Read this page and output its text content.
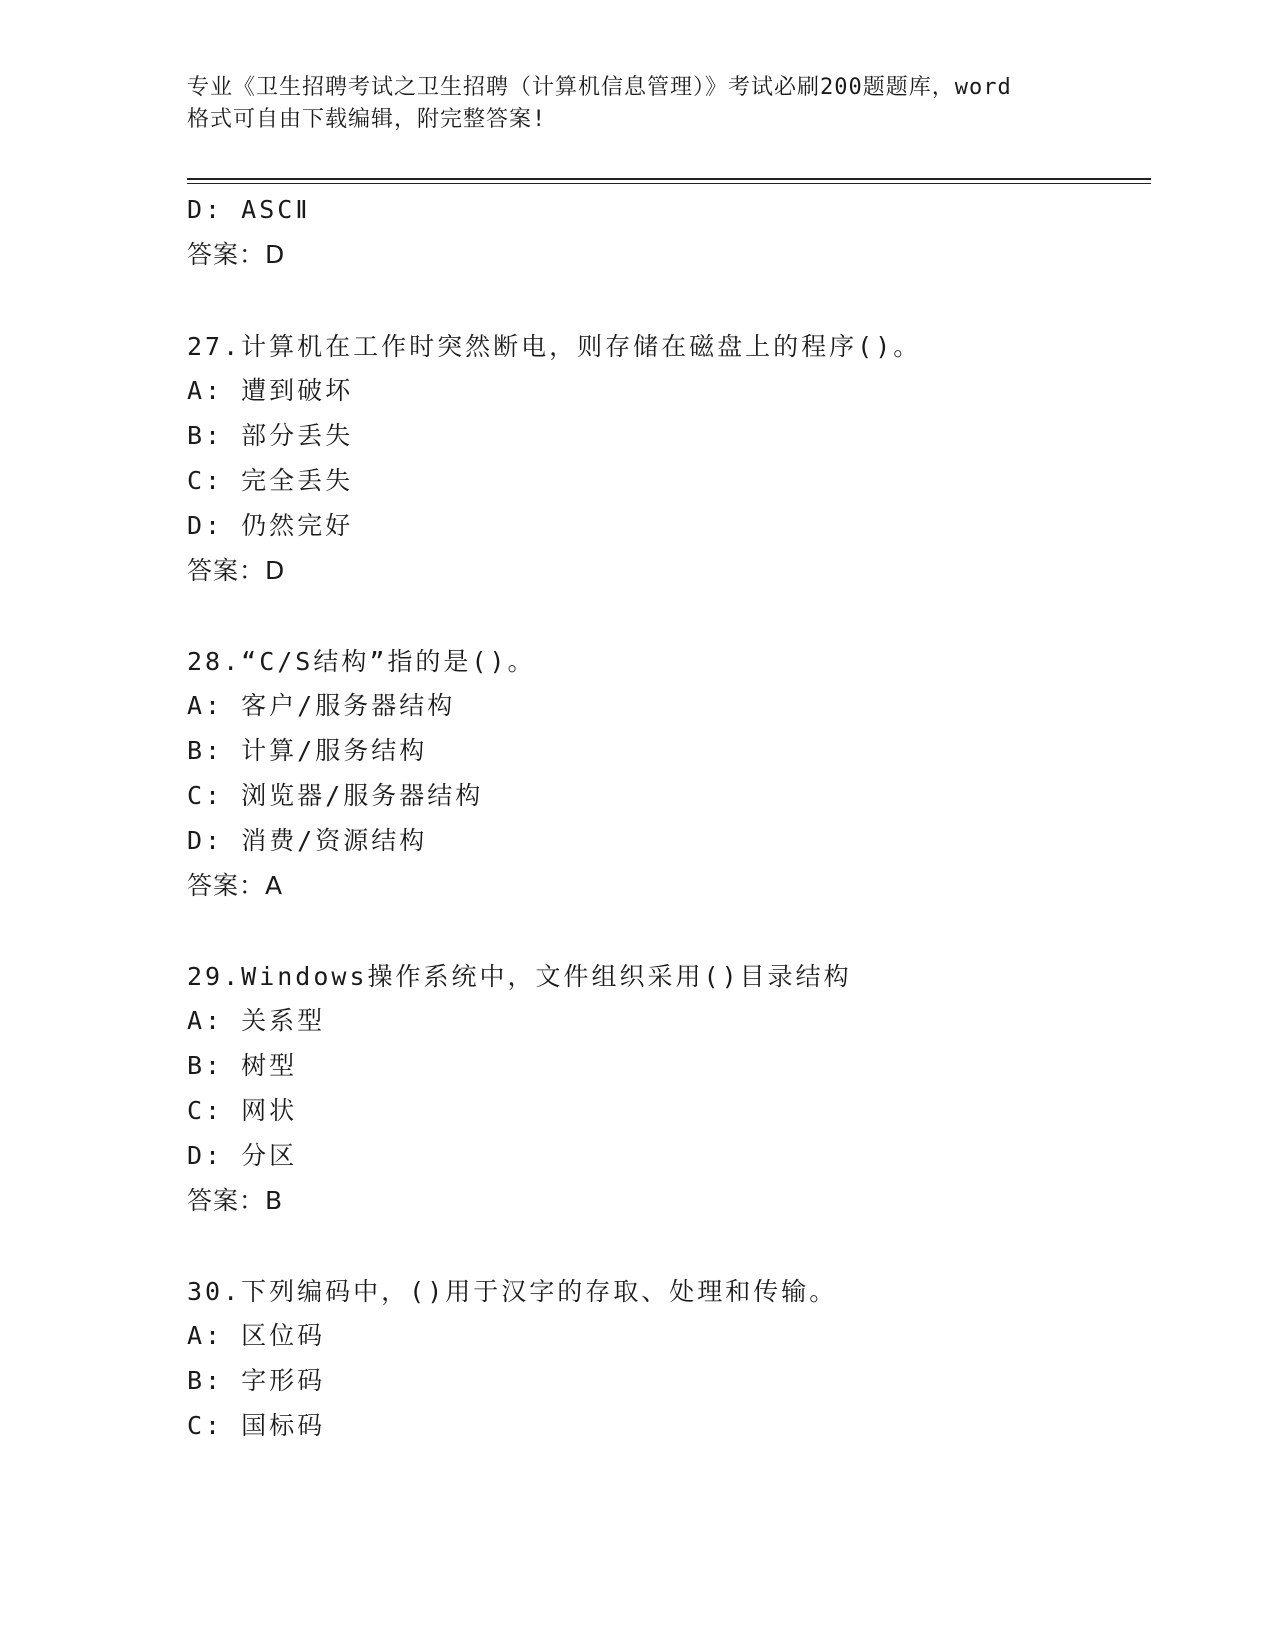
专业《卫生招聘考试之卫生招聘（计算机信息管理）》考试必刷200题题库，word
格式可自由下载编辑，附完整答案!
D: ASCⅡ
答案：D
27.计算机在工作时突然断电，则存储在磁盘上的程序()。
A: 遭到破坏
B: 部分丢失
C: 完全丢失
D: 仍然完好
答案：D
28.“C/S结构”指的是()。
A: 客户/服务器结构
B: 计算/服务结构
C: 浏览器/服务器结构
D: 消费/资源结构
答案：A
29.Windows操作系统中，文件组织采用()目录结构
A: 关系型
B: 树型
C: 网状
D: 分区
答案：B
30.下列编码中，()用于汉字的存取、处理和传输。
A: 区位码
B: 字形码
C: 国标码
